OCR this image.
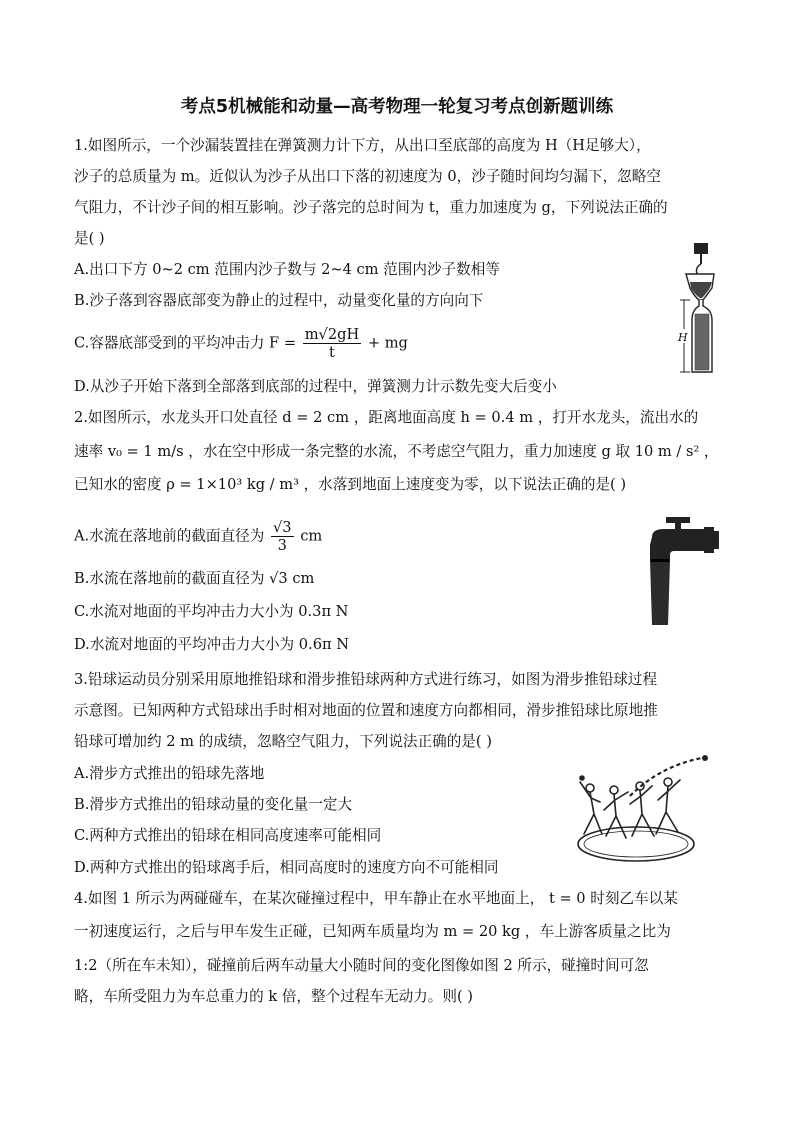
考点5机械能和动量—高考物理一轮复习考点创新题训练
1.如图所示，一个沙漏装置挂在弹簧测力计下方，从出口至底部的高度为 H（H足够大），
沙子的总质量为 m。近似认为沙子从出口下落的初速度为 0，沙子随时间均匀漏下，忽略空
气阻力，不计沙子间的相互影响。沙子落完的总时间为 t，重力加速度为 g，下列说法正确的
是( )
A.出口下方 0~2 cm 范围内沙子数与 2~4 cm 范围内沙子数相等
B.沙子落到容器底部变为静止的过程中，动量变化量的方向向下
C.容器底部受到的平均冲击力 $F = \frac{m√2gH}{t}$ + mg
D.从沙子开始下落到全部落到底部的过程中，弹簧测力计示数先变大后变小
H
2.如图所示，水龙头开口处直径 d = 2 cm ，距离地面高度 h = 0.4 m ，打开水龙头，流出水的
速率 v₀ = 1 m/s ，水在空中形成一条完整的水流，不考虑空气阻力，重力加速度 g 取 10 m / s² ，
已知水的密度 ρ = 1×10³ kg / m³ ，水落到地面上速度变为零，以下说法正确的是( )
A.水流在落地前的截面直径为 $\frac{√3}{3}$ cm
B.水流在落地前的截面直径为 √3 cm
C.水流对地面的平均冲击力大小为 0.3π N
D.水流对地面的平均冲击力大小为 0.6π N
3.铅球运动员分别采用原地推铅球和滑步推铅球两种方式进行练习，如图为滑步推铅球过程
示意图。已知两种方式铅球出手时相对地面的位置和速度方向都相同，滑步推铅球比原地推
铅球可增加约 2 m 的成绩，忽略空气阻力，下列说法正确的是( )
A.滑步方式推出的铅球先落地
B.滑步方式推出的铅球动量的变化量一定大
C.两种方式推出的铅球在相同高度速率可能相同
D.两种方式推出的铅球离手后，相同高度时的速度方向不可能相同
4.如图 1 所示为两碰碰车，在某次碰撞过程中，甲车静止在水平地面上， t = 0 时刻乙车以某
一初速度运行，之后与甲车发生正碰，已知两车质量均为 m = 20 kg ，车上游客质量之比为
1:2（所在车未知），碰撞前后两车动量大小随时间的变化图像如图 2 所示，碰撞时间可忽
略，车所受阻力为车总重力的 k 倍，整个过程车无动力。则( )
